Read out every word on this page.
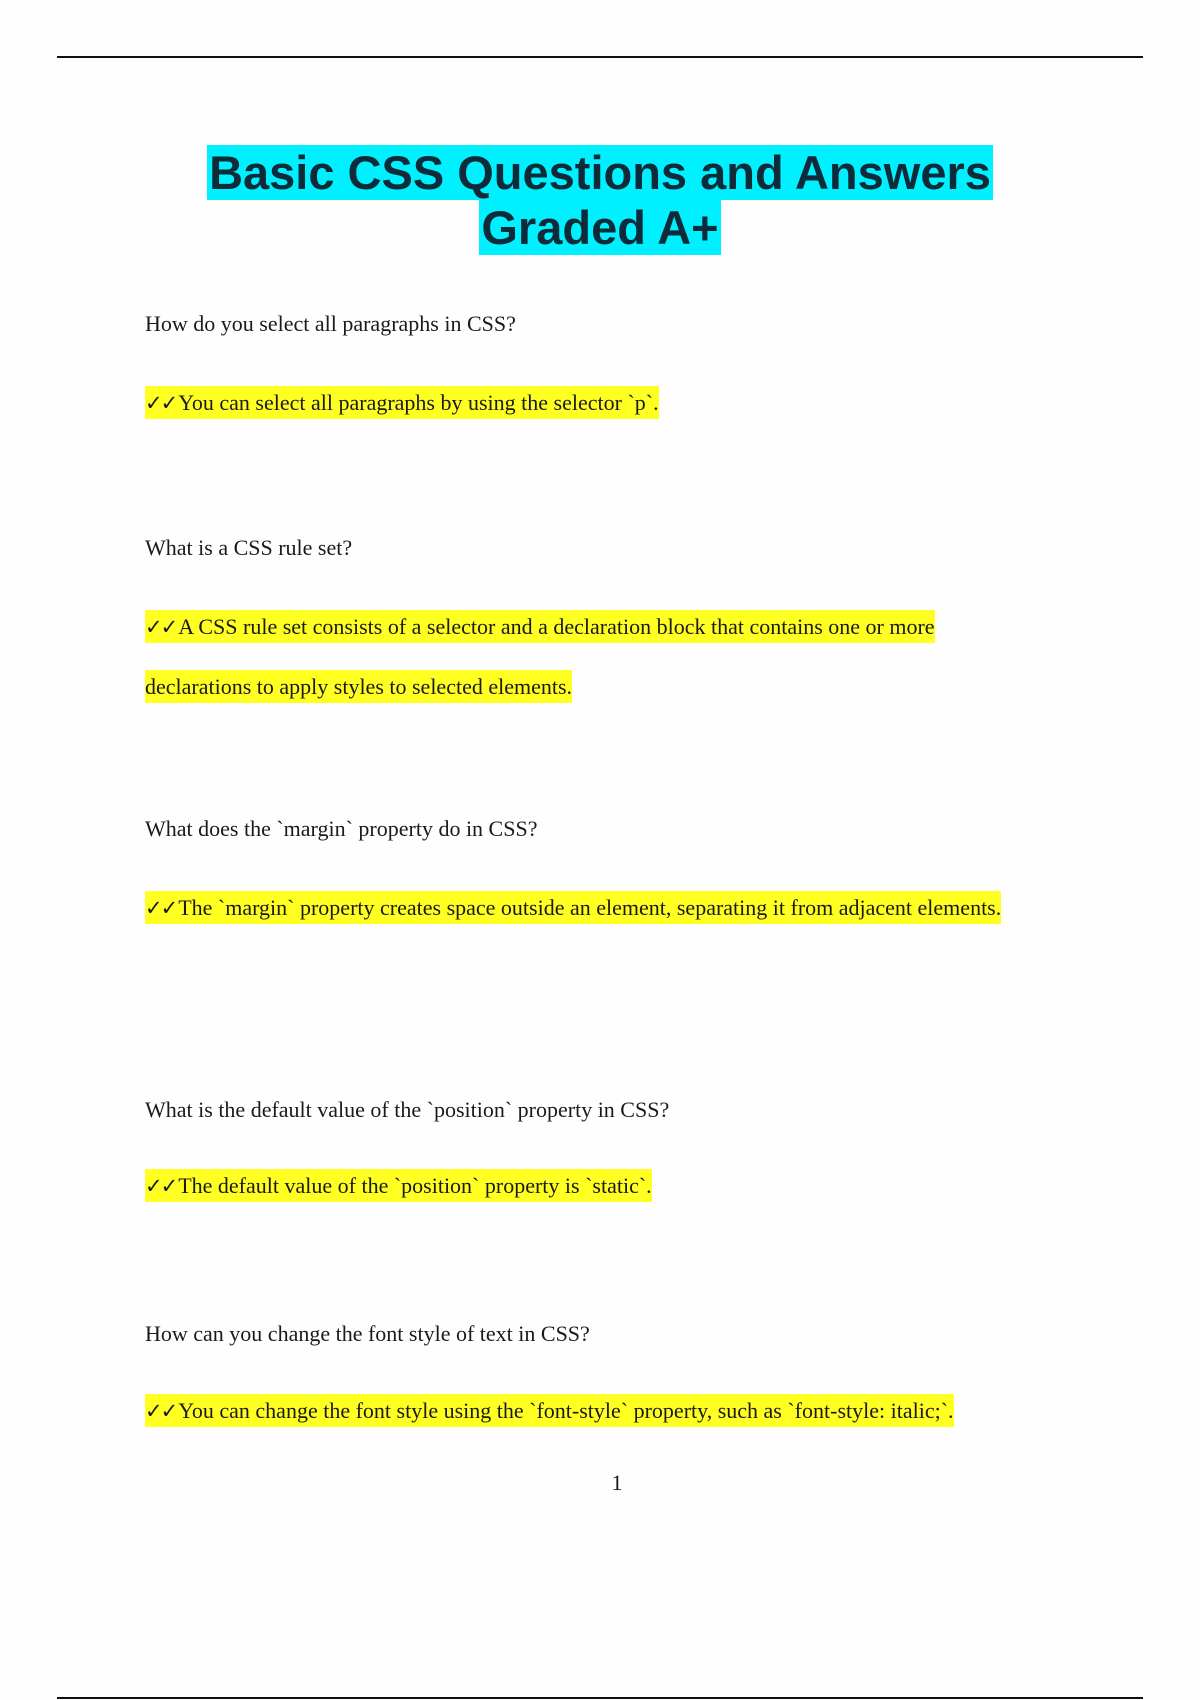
Basic CSS Questions and Answers
Graded A+
How do you select all paragraphs in CSS?
✓✓You can select all paragraphs by using the selector `p`.
What is a CSS rule set?
✓✓A CSS rule set consists of a selector and a declaration block that contains one or more declarations to apply styles to selected elements.
What does the `margin` property do in CSS?
✓✓The `margin` property creates space outside an element, separating it from adjacent elements.
What is the default value of the `position` property in CSS?
✓✓The default value of the `position` property is `static`.
How can you change the font style of text in CSS?
✓✓You can change the font style using the `font-style` property, such as `font-style: italic;`.
1
